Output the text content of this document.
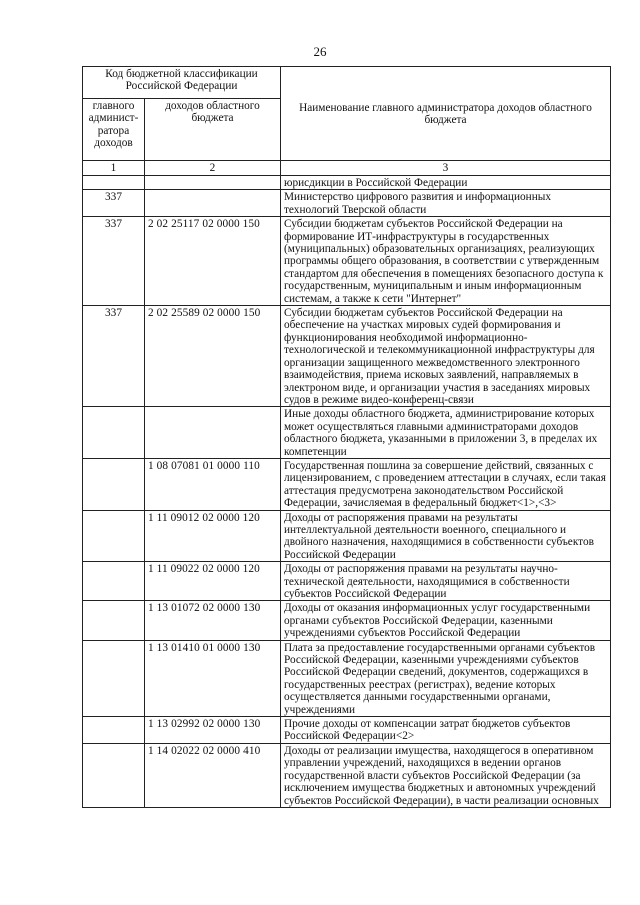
26
Код бюджетной классификации Российской Федерации		Наименование главного администратора доходов областного бюджета
главного админист-ратора доходов	доходов областного бюджета	
1	2	3
		юрисдикции в Российской Федерации
337		Министерство цифрового развития и информационных технологий Тверской области
337	2 02 25117 02 0000 150	Субсидии бюджетам субъектов Российской Федерации на формирование ИТ-инфраструктуры в государственных (муниципальных) образовательных организациях, реализующих программы общего образования, в соответствии с утвержденным стандартом для обеспечения в помещениях безопасного доступа к государственным, муниципальным и иным информационным системам, а также к сети "Интернет"
337	2 02 25589 02 0000 150	Субсидии бюджетам субъектов Российской Федерации на обеспечение на участках мировых судей формирования и функционирования необходимой информационно-технологической и телекоммуникационной инфраструктуры для организации защищенного межведомственного электронного взаимодействия, приема исковых заявлений, направляемых в электроном виде, и организации участия в заседаниях мировых судов в режиме видео-конференц-связи
		Иные доходы областного бюджета, администрирование которых может осуществляться главными администраторами доходов областного бюджета, указанными в приложении 3, в пределах их компетенции
	1 08 07081 01 0000 110	Государственная пошлина за совершение действий, связанных с лицензированием, с проведением аттестации в случаях, если такая аттестация предусмотрена законодательством Российской Федерации, зачисляемая в федеральный бюджет<1>,<3>
	1 11 09012 02 0000 120	Доходы от распоряжения правами на результаты интеллектуальной деятельности военного, специального и двойного назначения, находящимися в собственности субъектов Российской Федерации
	1 11 09022 02 0000 120	Доходы от распоряжения правами на результаты научно-технической деятельности, находящимися в собственности субъектов Российской Федерации
	1 13 01072 02 0000 130	Доходы от оказания информационных услуг государственными органами субъектов Российской Федерации, казенными учреждениями субъектов Российской Федерации
	1 13 01410 01 0000 130	Плата за предоставление государственными органами субъектов Российской Федерации, казенными учреждениями субъектов Российской Федерации сведений, документов, содержащихся в государственных реестрах (регистрах), ведение которых осуществляется данными государственными органами, учреждениями
	1 13 02992 02 0000 130	Прочие доходы от компенсации затрат бюджетов субъектов Российской Федерации<2>
	1 14 02022 02 0000 410	Доходы от реализации имущества, находящегося в оперативном управлении учреждений, находящихся в ведении органов государственной власти субъектов Российской Федерации (за исключением имущества бюджетных и автономных учреждений субъектов Российской Федерации), в части реализации основных
